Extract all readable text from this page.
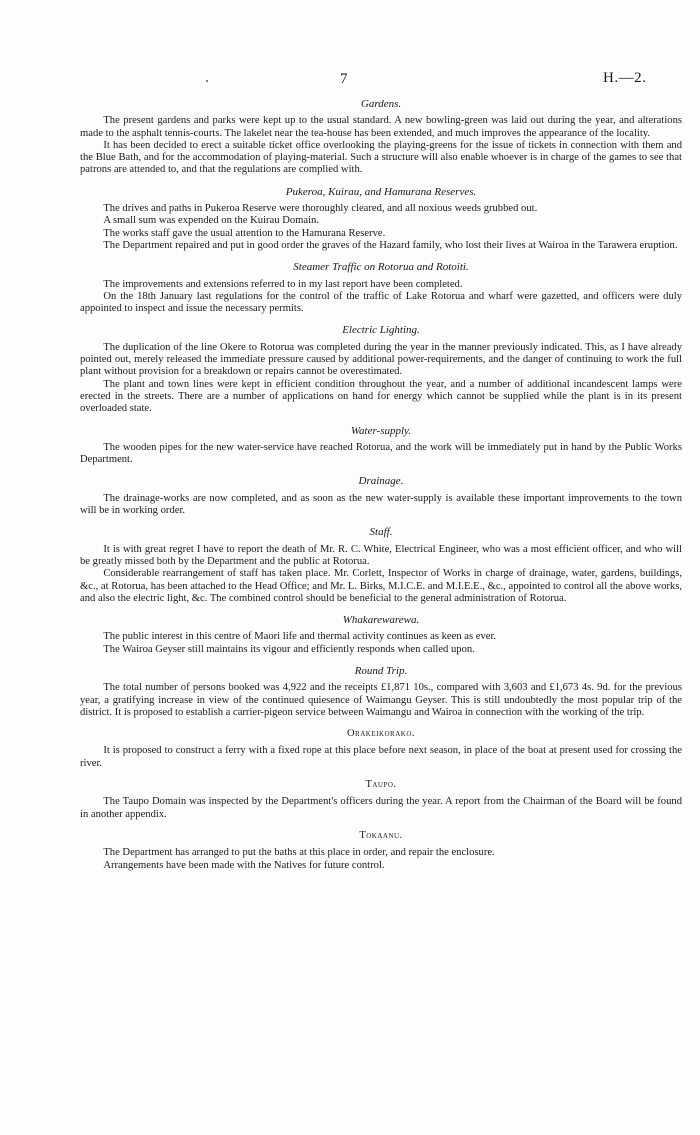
7	H.—2.
Gardens.

The present gardens and parks were kept up to the usual standard. A new bowling-green was laid out during the year, and alterations made to the asphalt tennis-courts. The lakelet near the tea-house has been extended, and much improves the appearance of the locality.

It has been decided to erect a suitable ticket office overlooking the playing-greens for the issue of tickets in connection with them and the Blue Bath, and for the accommodation of playing-material. Such a structure will also enable whoever is in charge of the games to see that patrons are attended to, and that the regulations are complied with.

Pukeroa, Kuirau, and Hamurana Reserves.

The drives and paths in Pukeroa Reserve were thoroughly cleared, and all noxious weeds grubbed out.

A small sum was expended on the Kuirau Domain.

The works staff gave the usual attention to the Hamurana Reserve.

The Department repaired and put in good order the graves of the Hazard family, who lost their lives at Wairoa in the Tarawera eruption.

Steamer Traffic on Rotorua and Rotoiti.

The improvements and extensions referred to in my last report have been completed.

On the 18th January last regulations for the control of the traffic of Lake Rotorua and wharf were gazetted, and officers were duly appointed to inspect and issue the necessary permits.

Electric Lighting.

The duplication of the line Okere to Rotorua was completed during the year in the manner previously indicated. This, as I have already pointed out, merely released the immediate pressure caused by additional power-requirements, and the danger of continuing to work the full plant without provision for a breakdown or repairs cannot be overestimated.

The plant and town lines were kept in efficient condition throughout the year, and a number of additional incandescent lamps were erected in the streets. There are a number of applications on hand for energy which cannot be supplied while the plant is in its present overloaded state.

Water-supply.

The wooden pipes for the new water-service have reached Rotorua, and the work will be immediately put in hand by the Public Works Department.

Drainage.

The drainage-works are now completed, and as soon as the new water-supply is available these important improvements to the town will be in working order.

Staff.

It is with great regret I have to report the death of Mr. R. C. White, Electrical Engineer, who was a most efficient officer, and who will be greatly missed both by the Department and the public at Rotorua.

Considerable rearrangement of staff has taken place. Mr. Corlett, Inspector of Works in charge of drainage, water, gardens, buildings, &c., at Rotorua, has been attached to the Head Office; and Mr. L. Birks, M.I.C.E. and M.I.E.E., &c., appointed to control all the above works, and also the electric light, &c. The combined control should be beneficial to the general administration of Rotorua.

Whakarewarewa.

The public interest in this centre of Maori life and thermal activity continues as keen as ever.

The Wairoa Geyser still maintains its vigour and efficiently responds when called upon.

Round Trip.

The total number of persons booked was 4,922 and the receipts £1,871 10s., compared with 3,603 and £1,673 4s. 9d. for the previous year, a gratifying increase in view of the continued quiesence of Waimangu Geyser. This is still undoubtedly the most popular trip of the district. It is proposed to establish a carrier-pigeon service between Waimangu and Wairoa in connection with the working of the trip.

Orakeikorako.

It is proposed to construct a ferry with a fixed rope at this place before next season, in place of the boat at present used for crossing the river.

Taupo.

The Taupo Domain was inspected by the Department's officers during the year. A report from the Chairman of the Board will be found in another appendix.

Tokaanu.

The Department has arranged to put the baths at this place in order, and repair the enclosure.

Arrangements have been made with the Natives for future control.
